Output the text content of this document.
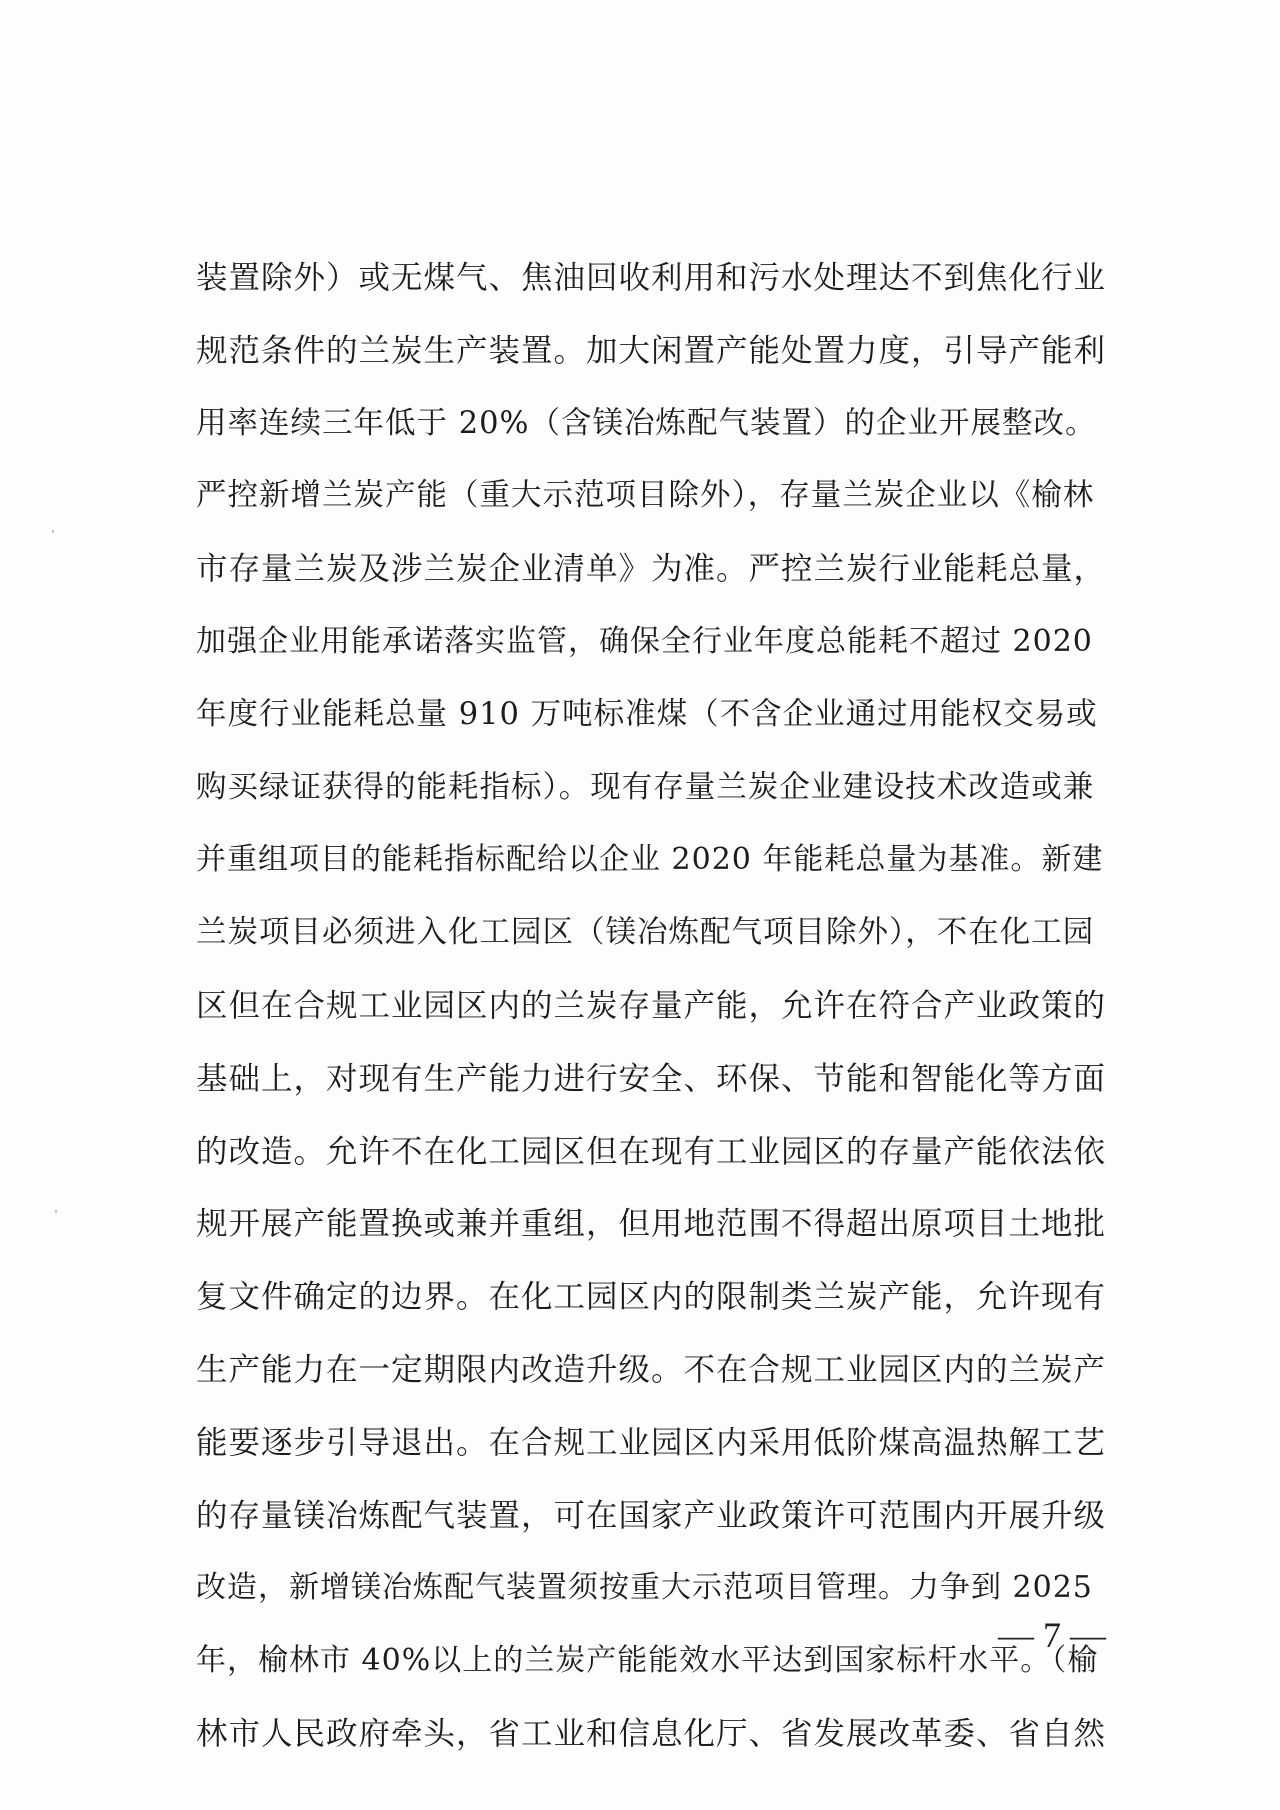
装置除外）或无煤气、焦油回收利用和污水处理达不到焦化行业
规范条件的兰炭生产装置。加大闲置产能处置力度，引导产能利
用率连续三年低于 20%（含镁冶炼配气装置）的企业开展整改。
严控新增兰炭产能（重大示范项目除外），存量兰炭企业以《榆林
市存量兰炭及涉兰炭企业清单》为准。严控兰炭行业能耗总量，
加强企业用能承诺落实监管，确保全行业年度总能耗不超过 2020
年度行业能耗总量 910 万吨标准煤（不含企业通过用能权交易或
购买绿证获得的能耗指标）。现有存量兰炭企业建设技术改造或兼
并重组项目的能耗指标配给以企业 2020 年能耗总量为基准。新建
兰炭项目必须进入化工园区（镁冶炼配气项目除外），不在化工园
区但在合规工业园区内的兰炭存量产能，允许在符合产业政策的
基础上，对现有生产能力进行安全、环保、节能和智能化等方面
的改造。允许不在化工园区但在现有工业园区的存量产能依法依
规开展产能置换或兼并重组，但用地范围不得超出原项目土地批
复文件确定的边界。在化工园区内的限制类兰炭产能，允许现有
生产能力在一定期限内改造升级。不在合规工业园区内的兰炭产
能要逐步引导退出。在合规工业园区内采用低阶煤高温热解工艺
的存量镁冶炼配气装置，可在国家产业政策许可范围内开展升级
改造，新增镁冶炼配气装置须按重大示范项目管理。力争到 2025
年，榆林市 40%以上的兰炭产能能效水平达到国家标杆水平。（榆
林市人民政府牵头，省工业和信息化厅、省发展改革委、省自然
— 7 —
